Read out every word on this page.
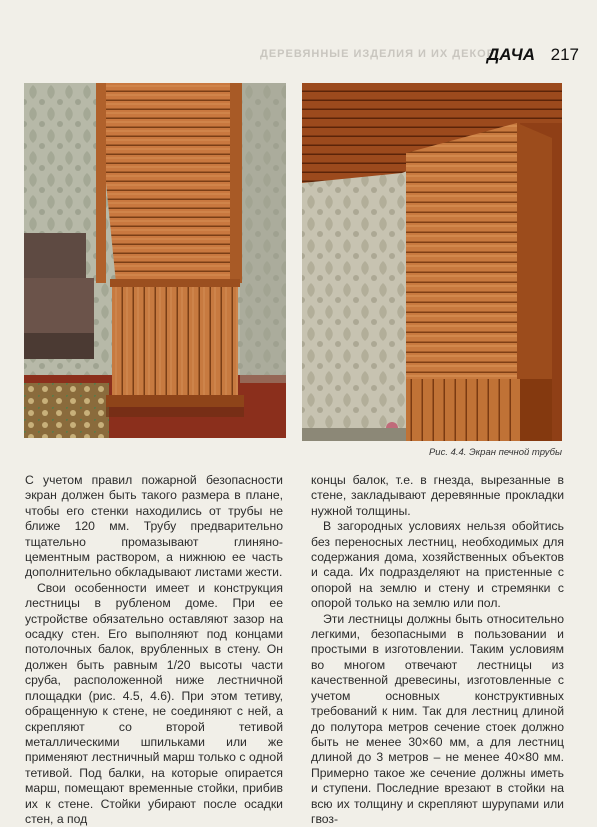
ДЕРЕВЯННЫЕ ИЗДЕЛИЯ И ИХ ДЕКОР
ДАЧА 217
Рис. 4.4. Экран печной трубы

С учетом правил пожарной безопасности экран должен быть такого размера в плане, чтобы его стенки находились от трубы не ближе 120 мм. Трубу предварительно тщательно промазывают глиняно-цементным раствором, а нижнюю ее часть дополнительно обкладывают листами жести.

Свои особенности имеет и конструкция лестницы в рубленом доме. При ее устройстве обязательно оставляют зазор на осадку стен. Его выполняют под концами потолочных балок, врубленных в стену. Он должен быть равным 1/20 высоты части сруба, расположенной ниже лестничной площадки (рис. 4.5, 4.6). При этом тетиву, обращенную к стене, не соединяют с ней, а скрепляют со второй тетивой металлическими шпильками или же применяют лестничный марш только с одной тетивой. Под балки, на которые опирается марш, помещают временные стойки, прибив их к стене. Стойки убирают после осадки стен, а под

концы балок, т.е. в гнезда, вырезанные в стене, закладывают деревянные прокладки нужной толщины.

В загородных условиях нельзя обойтись без переносных лестниц, необходимых для содержания дома, хозяйственных объектов и сада. Их подразделяют на пристенные с опорой на землю и стену и стремянки с опорой только на землю или пол.

Эти лестницы должны быть относительно легкими, безопасными в пользовании и простыми в изготовлении. Таким условиям во многом отвечают лестницы из качественной древесины, изготовленные с учетом основных конструктивных требований к ним. Так для лестниц длиной до полутора метров сечение стоек должно быть не менее 30×60 мм, а для лестниц длиной до 3 метров – не менее 40×80 мм. Примерно такое же сечение должны иметь и ступени. Последние врезают в стойки на всю их толщину и скрепляют шурупами или гвоз-
